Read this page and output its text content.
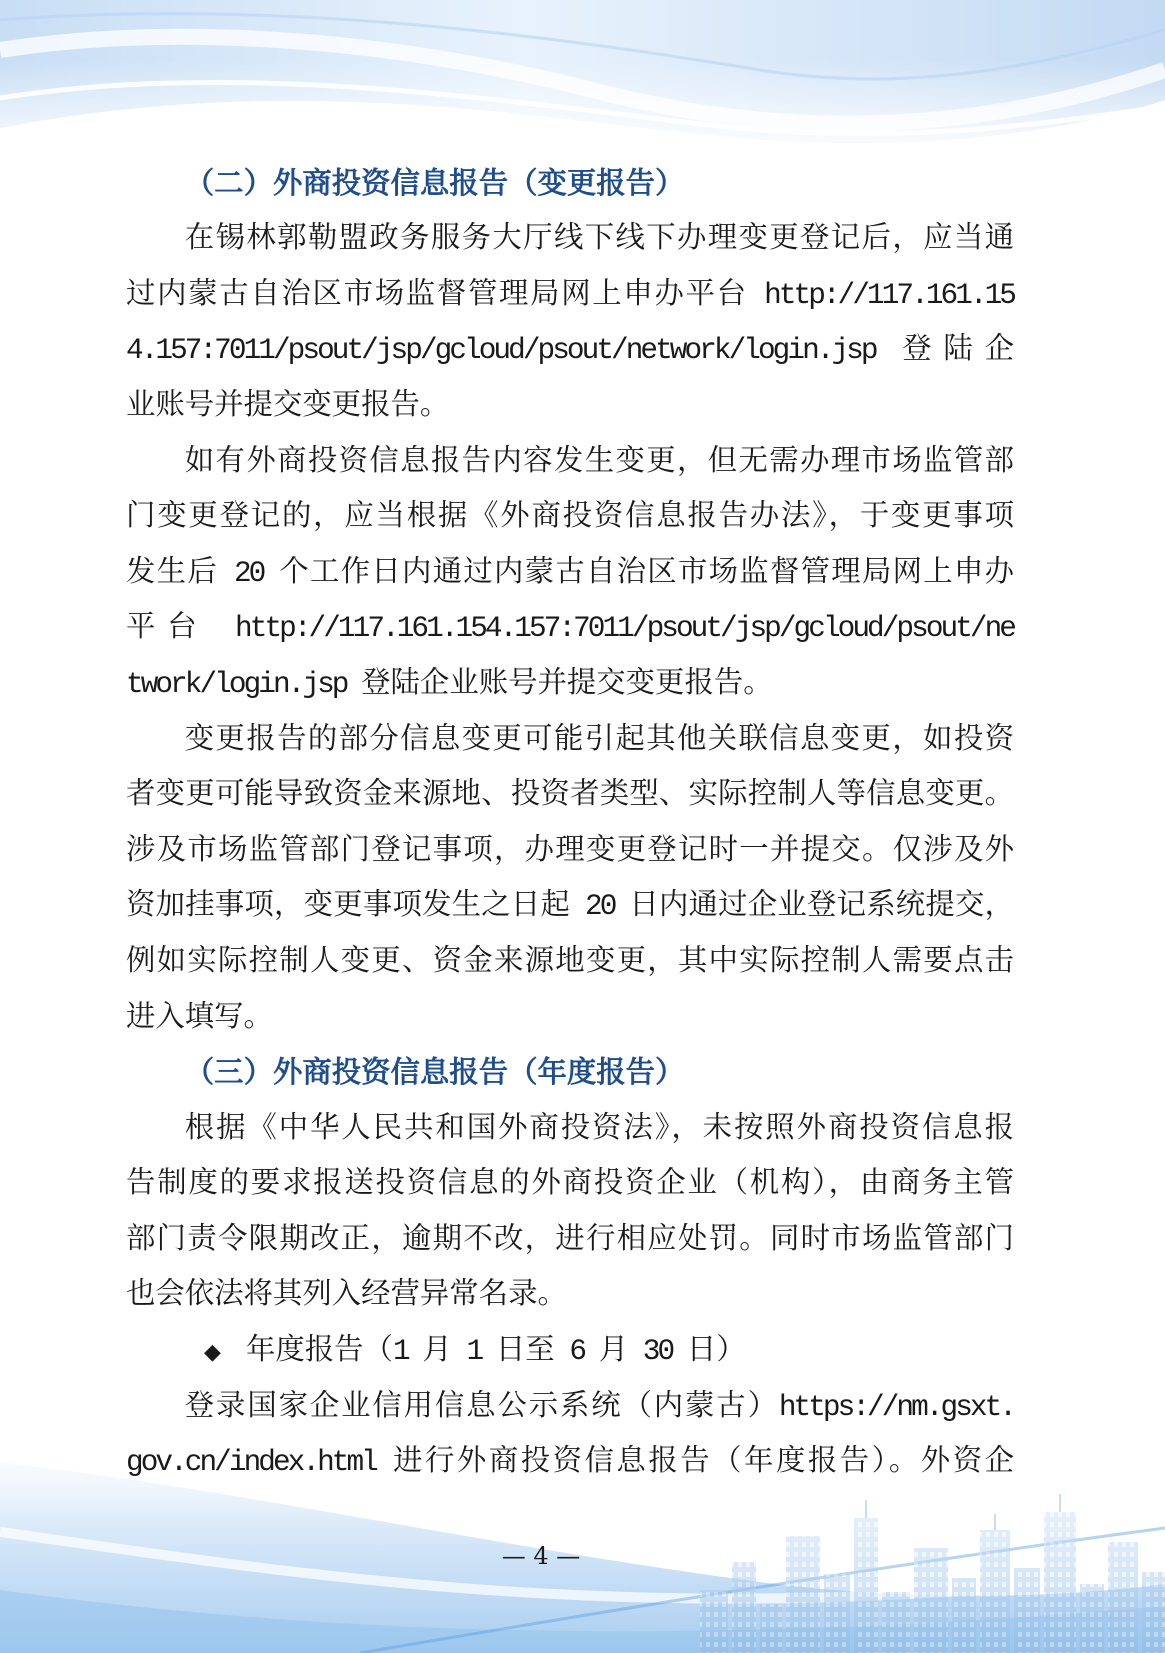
（二）外商投资信息报告（变更报告）
在锡林郭勒盟政务服务大厅线下线下办理变更登记后，应当通
过内蒙古自治区市场监督管理局网上申办平台 http://117.161.15
4.157:7011/psout/jsp/gcloud/psout/network/login.jsp 登陆企
业账号并提交变更报告。
如有外商投资信息报告内容发生变更，但无需办理市场监管部
门变更登记的，应当根据《外商投资信息报告办法》，于变更事项
发生后 20 个工作日内通过内蒙古自治区市场监督管理局网上申办
平台 http://117.161.154.157:7011/psout/jsp/gcloud/psout/ne
twork/login.jsp 登陆企业账号并提交变更报告。
变更报告的部分信息变更可能引起其他关联信息变更，如投资
者变更可能导致资金来源地、投资者类型、实际控制人等信息变更。
涉及市场监管部门登记事项，办理变更登记时一并提交。仅涉及外
资加挂事项，变更事项发生之日起 20 日内通过企业登记系统提交，
例如实际控制人变更、资金来源地变更，其中实际控制人需要点击
进入填写。
（三）外商投资信息报告（年度报告）
根据《中华人民共和国外商投资法》，未按照外商投资信息报
告制度的要求报送投资信息的外商投资企业（机构），由商务主管
部门责令限期改正，逾期不改，进行相应处罚。同时市场监管部门
也会依法将其列入经营异常名录。
◆ 年度报告（1 月 1 日至 6 月 30 日）
登录国家企业信用信息公示系统（内蒙古）https://nm.gsxt.
gov.cn/index.html 进行外商投资信息报告（年度报告）。外资企
— 4 —
